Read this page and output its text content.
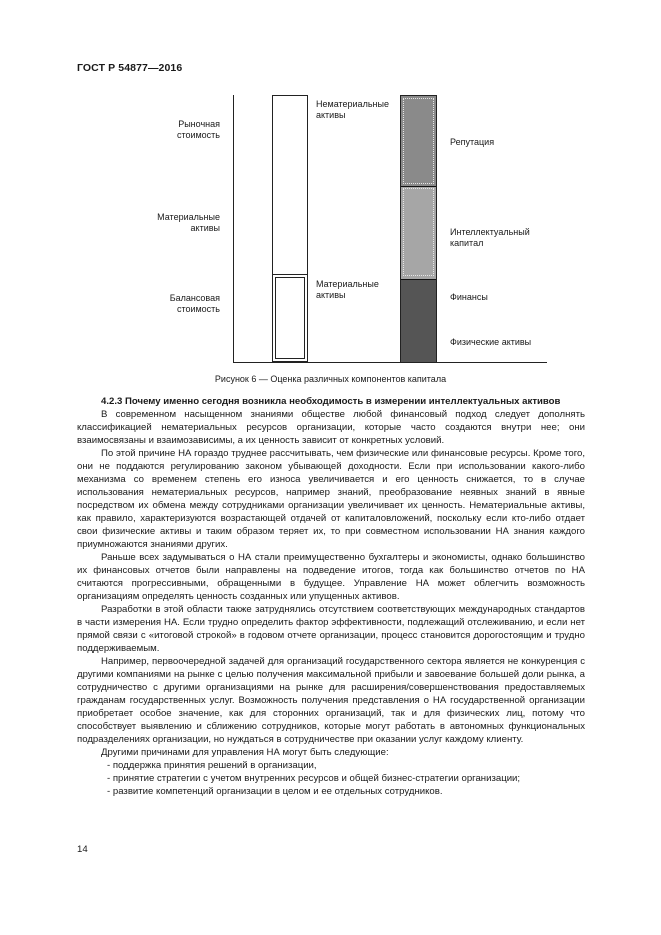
ГОСТ Р 54877—2016
Рыночная
стоимость
Материальные
активы
Балансовая
стоимость
Нематериальные
активы
Материальные
активы
Репутация
Интеллектуальный
капитал
Финансы
Физические активы
Рисунок 6 — Оценка различных компонентов капитала

4.2.3 Почему именно сегодня возникла необходимость в измерении интеллектуальных активов

В современном насыщенном знаниями обществе любой финансовый подход следует дополнять классификацией нематериальных ресурсов организации, которые часто создаются внутри нее; они взаимосвязаны и взаимозависимы, а их ценность зависит от конкретных условий.

По этой причине НА гораздо труднее рассчитывать, чем физические или финансовые ресурсы. Кроме того, они не поддаются регулированию законом убывающей доходности. Если при использовании какого-либо механизма со временем степень его износа увеличивается и его ценность снижается, то в случае использования нематериальных ресурсов, например знаний, преобразование неявных знаний в явные посредством их обмена между сотрудниками организации увеличивает их ценность. Нематериальные активы, как правило, характеризуются возрастающей отдачей от капиталовложений, поскольку если кто-либо отдает свои физические активы и таким образом теряет их, то при совместном использовании НА знания каждого приумножаются знаниями других.

Раньше всех задумываться о НА стали преимущественно бухгалтеры и экономисты, однако большинство их финансовых отчетов были направлены на подведение итогов, тогда как большинство отчетов по НА считаются прогрессивными, обращенными в будущее. Управление НА может облегчить возможность организациям определять ценность созданных или упущенных активов.

Разработки в этой области также затруднялись отсутствием соответствующих международных стандартов в части измерения НА. Если трудно определить фактор эффективности, подлежащий отслеживанию, и если нет прямой связи с «итоговой строкой» в годовом отчете организации, процесс становится дорогостоящим и трудно поддерживаемым.

Например, первоочередной задачей для организаций государственного сектора является не конкуренция с другими компаниями на рынке с целью получения максимальной прибыли и завоевание большей доли рынка, а сотрудничество с другими организациями на рынке для расширения/совершенствования предоставляемых гражданам государственных услуг. Возможность получения представления о НА государственной организации приобретает особое значение, как для сторонних организаций, так и для физических лиц, потому что способствует выявлению и сближению сотрудников, которые могут работать в автономных функциональных подразделениях организации, но нуждаться в сотрудничестве при оказании услуг каждому клиенту.

Другими причинами для управления НА могут быть следующие:

- поддержка принятия решений в организации,

- принятие стратегии с учетом внутренних ресурсов и общей бизнес-стратегии организации;

- развитие компетенций организации в целом и ее отдельных сотрудников.

14
